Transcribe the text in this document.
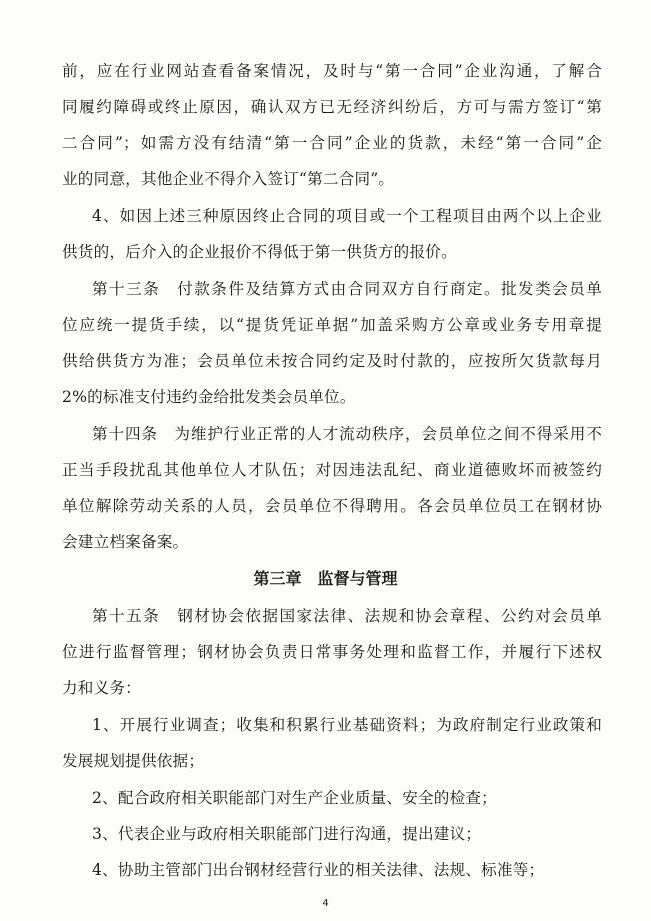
前，应在行业网站查看备案情况，及时与“第一合同”企业沟通，了解合
同履约障碍或终止原因，确认双方已无经济纠纷后，方可与需方签订“第
二合同”；如需方没有结清“第一合同”企业的货款，未经“第一合同”企
业的同意，其他企业不得介入签订“第二合同”。
4、如因上述三种原因终止合同的项目或一个工程项目由两个以上企业
供货的，后介入的企业报价不得低于第一供货方的报价。
第十三条　付款条件及结算方式由合同双方自行商定。批发类会员单
位应统一提货手续，以“提货凭证单据”加盖采购方公章或业务专用章提
供给供货方为准；会员单位未按合同约定及时付款的，应按所欠货款每月
2%的标准支付违约金给批发类会员单位。
第十四条　为维护行业正常的人才流动秩序，会员单位之间不得采用不
正当手段扰乱其他单位人才队伍；对因违法乱纪、商业道德败坏而被签约
单位解除劳动关系的人员，会员单位不得聘用。各会员单位员工在钢材协
会建立档案备案。
第三章　监督与管理
第十五条　钢材协会依据国家法律、法规和协会章程、公约对会员单
位进行监督管理；钢材协会负责日常事务处理和监督工作，并履行下述权
力和义务：
1、开展行业调查；收集和积累行业基础资料；为政府制定行业政策和
发展规划提供依据；
2、配合政府相关职能部门对生产企业质量、安全的检查；
3、代表企业与政府相关职能部门进行沟通，提出建议；
4、协助主管部门出台钢材经营行业的相关法律、法规、标准等；
4
